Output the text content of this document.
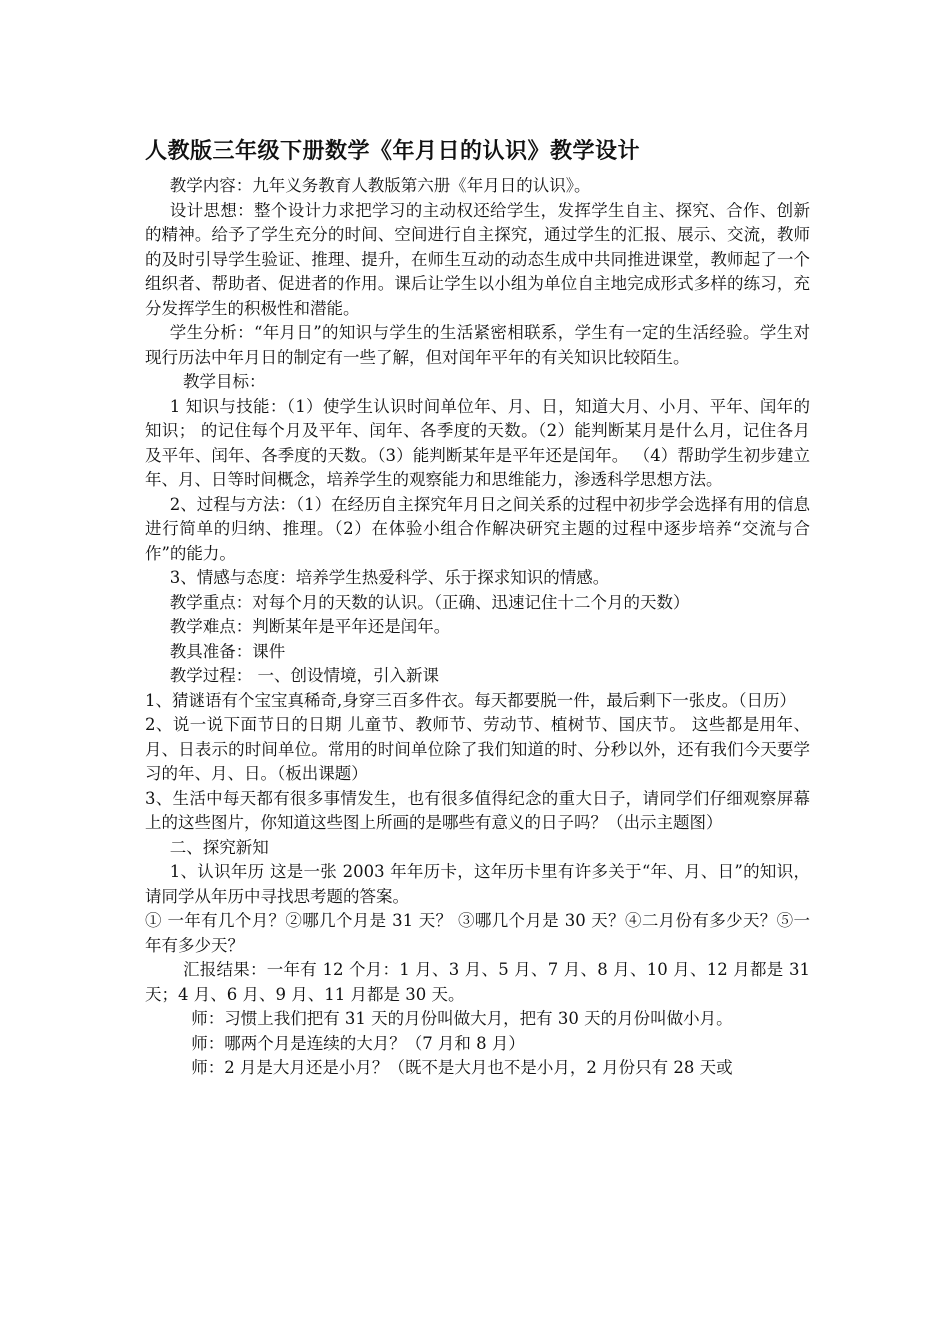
人教版三年级下册数学《年月日的认识》教学设计

教学内容：九年义务教育人教版第六册《年月日的认识》。

设计思想：整个设计力求把学习的主动权还给学生，发挥学生自主、探究、合作、创新的精神。给予了学生充分的时间、空间进行自主探究，通过学生的汇报、展示、交流，教师的及时引导学生验证、推理、提升，在师生互动的动态生成中共同推进课堂，教师起了一个组织者、帮助者、促进者的作用。课后让学生以小组为单位自主地完成形式多样的练习，充分发挥学生的积极性和潜能。

学生分析：“年月日”的知识与学生的生活紧密相联系，学生有一定的生活经验。学生对现行历法中年月日的制定有一些了解，但对闰年平年的有关知识比较陌生。

教学目标：

1 知识与技能：（1）使学生认识时间单位年、月、日，知道大月、小月、平年、闰年的知识； 的记住每个月及平年、闰年、各季度的天数。（2）能判断某月是什么月，记住各月及平年、闰年、各季度的天数。（3）能判断某年是平年还是闰年。 （4）帮助学生初步建立年、月、日等时间概念，培养学生的观察能力和思维能力，渗透科学思想方法。

2、过程与方法：（1）在经历自主探究年月日之间关系的过程中初步学会选择有用的信息进行简单的归纳、推理。（2）在体验小组合作解决研究主题的过程中逐步培养“交流与合作”的能力。

3、情感与态度：培养学生热爱科学、乐于探求知识的情感。

教学重点：对每个月的天数的认识。（正确、迅速记住十二个月的天数）

教学难点：判断某年是平年还是闰年。

教具准备：课件

教学过程： 一、创设情境，引入新课

1、猜谜语有个宝宝真稀奇,身穿三百多件衣。每天都要脱一件，最后剩下一张皮。（日历）

2、说一说下面节日的日期 儿童节、教师节、劳动节、植树节、国庆节。 这些都是用年、月、日表示的时间单位。常用的时间单位除了我们知道的时、分秒以外，还有我们今天要学习的年、月、日。（板出课题）

3、生活中每天都有很多事情发生，也有很多值得纪念的重大日子，请同学们仔细观察屏幕上的这些图片，你知道这些图上所画的是哪些有意义的日子吗？（出示主题图）

二、探究新知

1、认识年历 这是一张 2003 年年历卡，这年历卡里有许多关于“年、月、日”的知识，请同学从年历中寻找思考题的答案。

① 一年有几个月？②哪几个月是 31 天？ ③哪几个月是 30 天？④二月份有多少天？⑤一年有多少天？

汇报结果：一年有 12 个月：1 月、3 月、5 月、7 月、8 月、10 月、12 月都是 31 天；4 月、6 月、9 月、11 月都是 30 天。

师：习惯上我们把有 31 天的月份叫做大月，把有 30 天的月份叫做小月。

师：哪两个月是连续的大月？（7 月和 8 月）

师：2 月是大月还是小月？（既不是大月也不是小月，2 月份只有 28 天或
